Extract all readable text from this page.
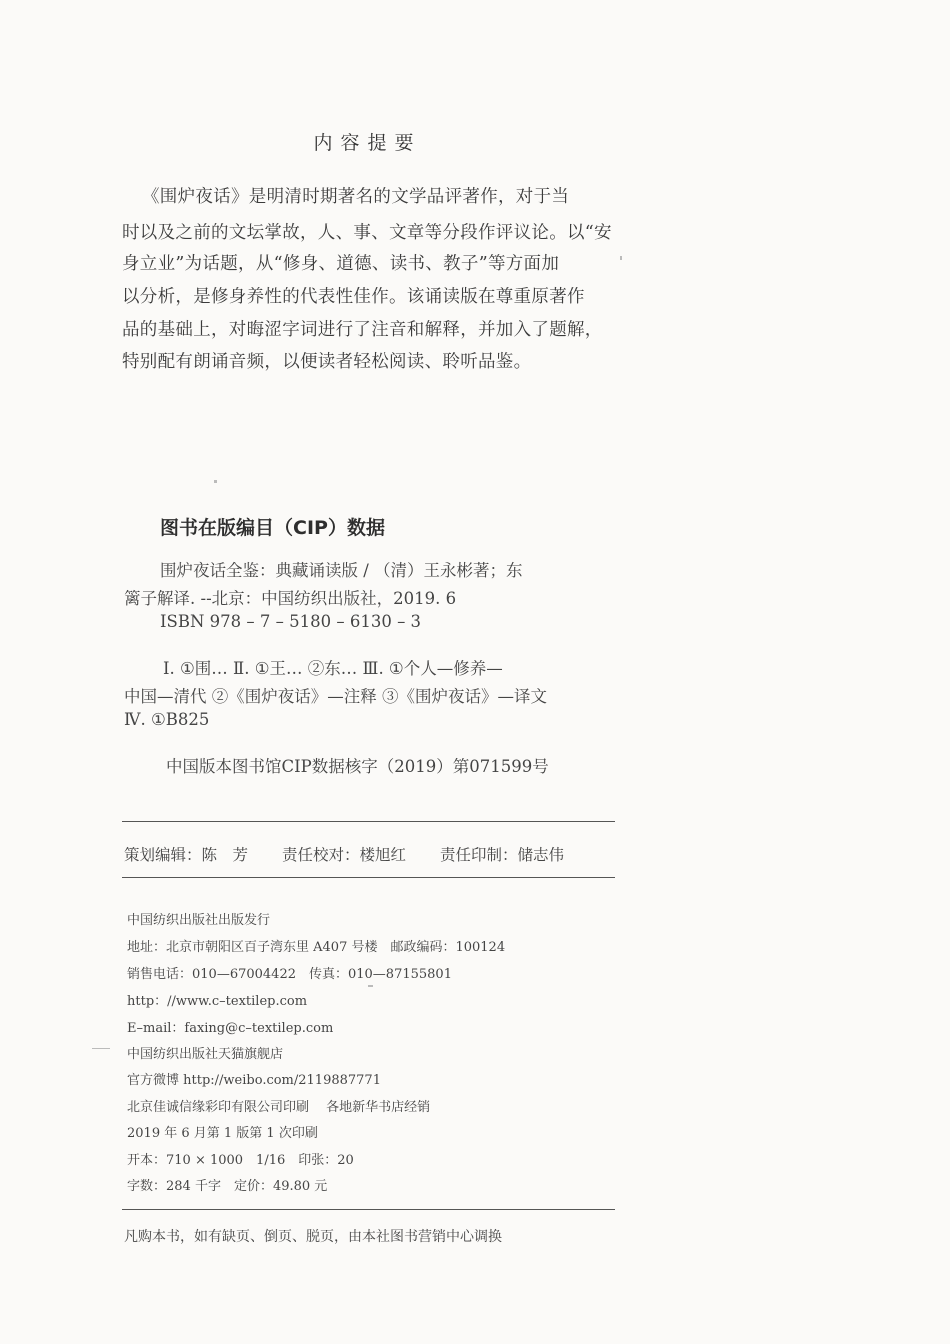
内容提要
《围炉夜话》是明清时期著名的文学品评著作，对于当
时以及之前的文坛掌故，人、事、文章等分段作评议论。以“安
身立业”为话题，从“修身、道德、读书、教子”等方面加
以分析，是修身养性的代表性佳作。该诵读版在尊重原著作
品的基础上，对晦涩字词进行了注音和解释，并加入了题解，
特别配有朗诵音频，以便读者轻松阅读、聆听品鉴。
图书在版编目（CIP）数据
围炉夜话全鉴：典藏诵读版 / （清）王永彬著；东
篱子解译. --北京：中国纺织出版社，2019. 6
ISBN 978 – 7 – 5180 – 6130 – 3
Ⅰ. ①围… Ⅱ. ①王… ②东… Ⅲ. ①个人—修养—
中国—清代 ②《围炉夜话》—注释 ③《围炉夜话》—译文
Ⅳ. ①B825
中国版本图书馆CIP数据核字（2019）第071599号
策划编辑：陈　芳 责任校对：楼旭红 责任印制：储志伟
中国纺织出版社出版发行
地址：北京市朝阳区百子湾东里 A407 号楼　邮政编码：100124
销售电话：010—67004422　传真：010—87155801
http：//www.c–textilep.com
E–mail：faxing@c–textilep.com
中国纺织出版社天猫旗舰店
官方微博 http://weibo.com/2119887771
北京佳诚信缘彩印有限公司印刷　 各地新华书店经销
2019 年 6 月第 1 版第 1 次印刷
开本：710 × 1000　1/16　印张：20
字数：284 千字　定价：49.80 元
凡购本书，如有缺页、倒页、脱页，由本社图书营销中心调换
